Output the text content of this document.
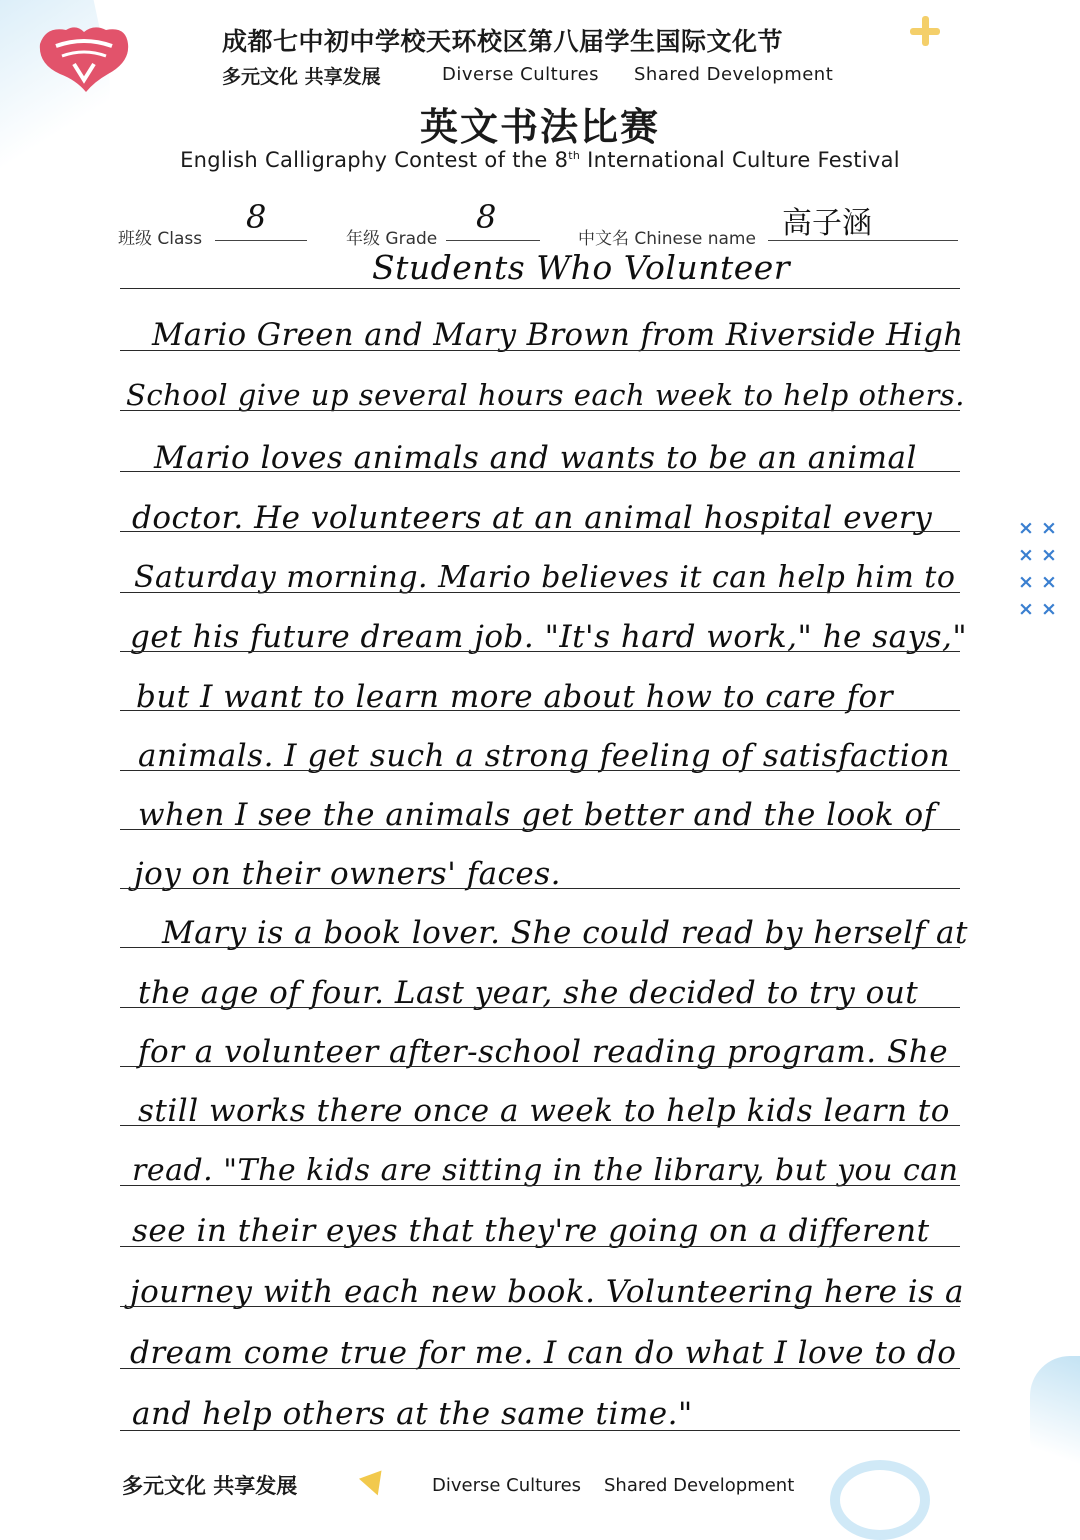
× ×
× ×
× ×
× ×
成都七中初中学校天环校区第八届学生国际文化节
多元文化 共享发展	Diverse Cultures Shared Development
英文书法比赛
English Calligraphy Contest of the 8th International Culture Festival
班级 Class
8
年级 Grade
8
中文名 Chinese name 高子涵
Students Who Volunteer
Mario Green and Mary Brown from Riverside High
School give up several hours each week to help others.
Mario loves animals and wants to be an animal
doctor. He volunteers at an animal hospital every
Saturday morning. Mario believes it can help him to
get his future dream job. "It's hard work," he says,"
but I want to learn more about how to care for
animals. I get such a strong feeling of satisfaction
when I see the animals get better and the look of
joy on their owners' faces.
Mary is a book lover. She could read by herself at
the age of four. Last year, she decided to try out
for a volunteer after-school reading program. She
still works there once a week to help kids learn to
read. "The kids are sitting in the library, but you can
see in their eyes that they're going on a different
journey with each new book. Volunteering here is a
dream come true for me. I can do what I love to do
and help others at the same time."
多元文化 共享发展	Diverse Cultures Shared Development
